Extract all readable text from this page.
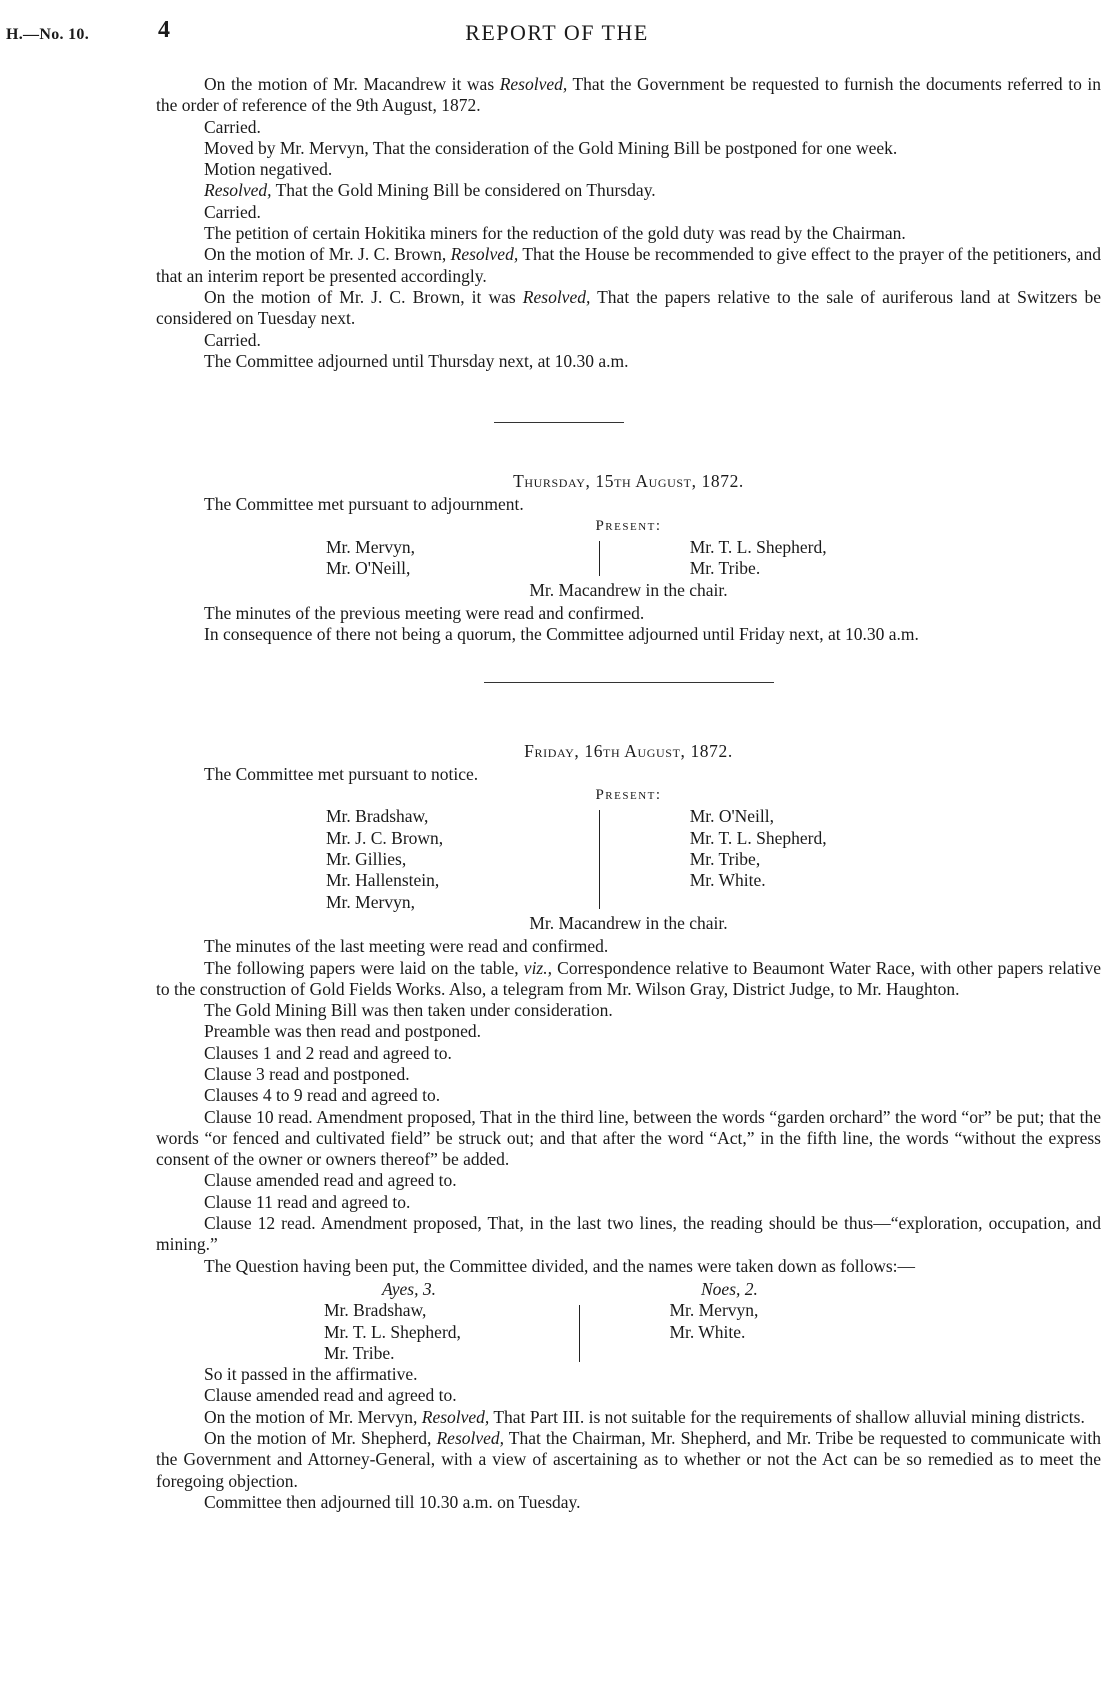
H.—No. 10.	4	REPORT OF THE

On the motion of Mr. Macandrew it was Resolved, That the Government be requested to furnish the documents referred to in the order of reference of the 9th August, 1872.

Carried.

Moved by Mr. Mervyn, That the consideration of the Gold Mining Bill be postponed for one week.

Motion negatived.

Resolved, That the Gold Mining Bill be considered on Thursday.

Carried.

The petition of certain Hokitika miners for the reduction of the gold duty was read by the Chairman.

On the motion of Mr. J. C. Brown, Resolved, That the House be recommended to give effect to the prayer of the petitioners, and that an interim report be presented accordingly.

On the motion of Mr. J. C. Brown, it was Resolved, That the papers relative to the sale of auriferous land at Switzers be considered on Tuesday next.

Carried.

The Committee adjourned until Thursday next, at 10.30 a.m.

Thursday, 15th August, 1872.

The Committee met pursuant to adjournment.

Present:
Mr. Mervyn,
Mr. O'Neill,
Mr. T. L. Shepherd,
Mr. Tribe.
Mr. Macandrew in the chair.

The minutes of the previous meeting were read and confirmed.

In consequence of there not being a quorum, the Committee adjourned until Friday next, at 10.30 a.m.

Friday, 16th August, 1872.

The Committee met pursuant to notice.

Present:
Mr. Bradshaw,
Mr. J. C. Brown,
Mr. Gillies,
Mr. Hallenstein,
Mr. Mervyn,
Mr. O'Neill,
Mr. T. L. Shepherd,
Mr. Tribe,
Mr. White.
Mr. Macandrew in the chair.

The minutes of the last meeting were read and confirmed.

The following papers were laid on the table, viz., Correspondence relative to Beaumont Water Race, with other papers relative to the construction of Gold Fields Works. Also, a telegram from Mr. Wilson Gray, District Judge, to Mr. Haughton.

The Gold Mining Bill was then taken under consideration.

Preamble was then read and postponed.

Clauses 1 and 2 read and agreed to.

Clause 3 read and postponed.

Clauses 4 to 9 read and agreed to.

Clause 10 read. Amendment proposed, That in the third line, between the words “garden orchard” the word “or” be put; that the words “or fenced and cultivated field” be struck out; and that after the word “Act,” in the fifth line, the words “without the express consent of the owner or owners thereof” be added.

Clause amended read and agreed to.

Clause 11 read and agreed to.

Clause 12 read. Amendment proposed, That, in the last two lines, the reading should be thus—“exploration, occupation, and mining.”

The Question having been put, the Committee divided, and the names were taken down as follows:—

Ayes, 3.
Mr. Bradshaw,
Mr. T. L. Shepherd,
Mr. Tribe.
Noes, 2.
Mr. Mervyn,
Mr. White.

So it passed in the affirmative.

Clause amended read and agreed to.

On the motion of Mr. Mervyn, Resolved, That Part III. is not suitable for the requirements of shallow alluvial mining districts.

On the motion of Mr. Shepherd, Resolved, That the Chairman, Mr. Shepherd, and Mr. Tribe be requested to communicate with the Government and Attorney-General, with a view of ascertaining as to whether or not the Act can be so remedied as to meet the foregoing objection.

Committee then adjourned till 10.30 a.m. on Tuesday.
